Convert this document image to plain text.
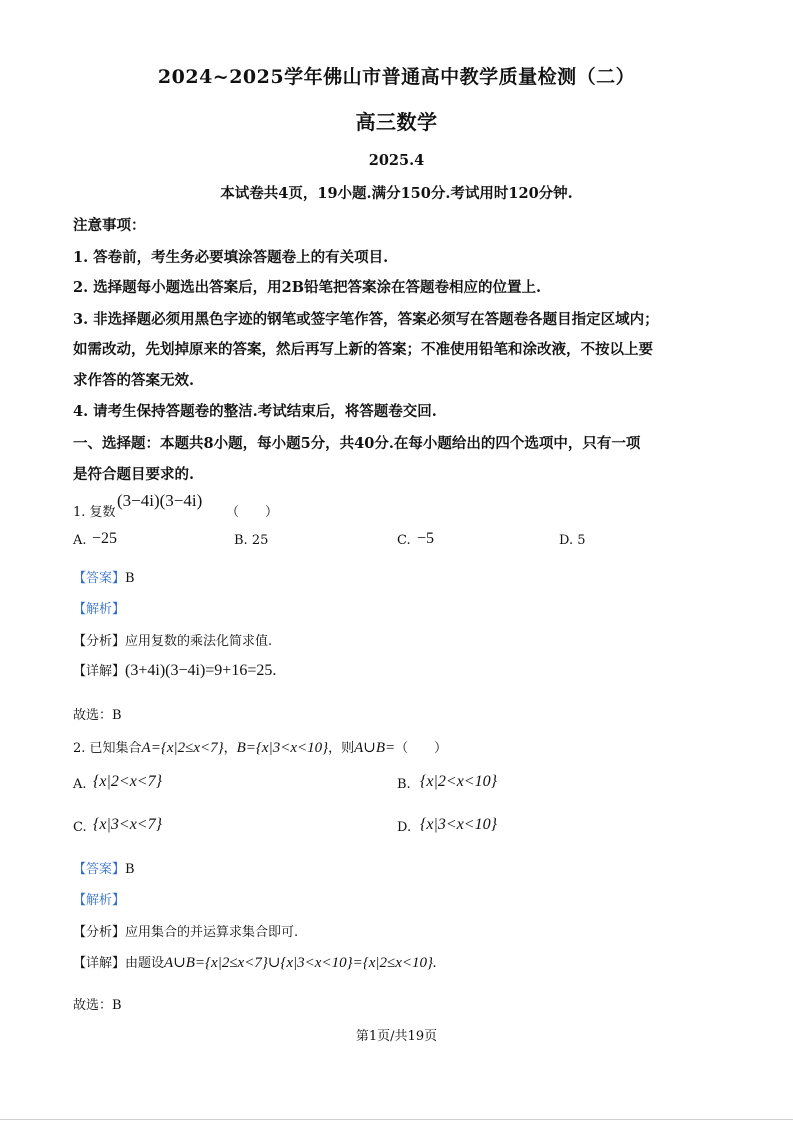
2024~2025学年佛山市普通高中教学质量检测（二）
高三数学
2025.4
本试卷共4页，19小题.满分150分.考试用时120分钟.
注意事项：
1. 答卷前，考生务必要填涂答题卷上的有关项目.
2. 选择题每小题选出答案后，用2B铅笔把答案涂在答题卷相应的位置上.
3. 非选择题必须用黑色字迹的钢笔或签字笔作答，答案必须写在答题卷各题目指定区域内；
如需改动，先划掉原来的答案，然后再写上新的答案；不准使用铅笔和涂改液，不按以上要
求作答的答案无效.
4. 请考生保持答题卷的整洁.考试结束后，将答题卷交回.
一、选择题：本题共8小题，每小题5分，共40分.在每小题给出的四个选项中，只有一项
是符合题目要求的.
1. 复数
(3−4i)(3−4i)
（　　）
A. −25	B. 25	C. −5	D. 5
【答案】B
【解析】
【分析】应用复数的乘法化简求值.
【详解】(3+4i)(3−4i)=9+16=25.
故选：B
2. 已知集合A={x|2≤x<7}，B={x|3<x<10}，则A∪B=（　　）
A. {x|2<x<7}	B. {x|2<x<10}
C. {x|3<x<7}	D. {x|3<x<10}
【答案】B
【解析】
【分析】应用集合的并运算求集合即可.
【详解】由题设A∪B={x|2≤x<7}∪{x|3<x<10}={x|2≤x<10}.
故选：B
第1页/共19页
